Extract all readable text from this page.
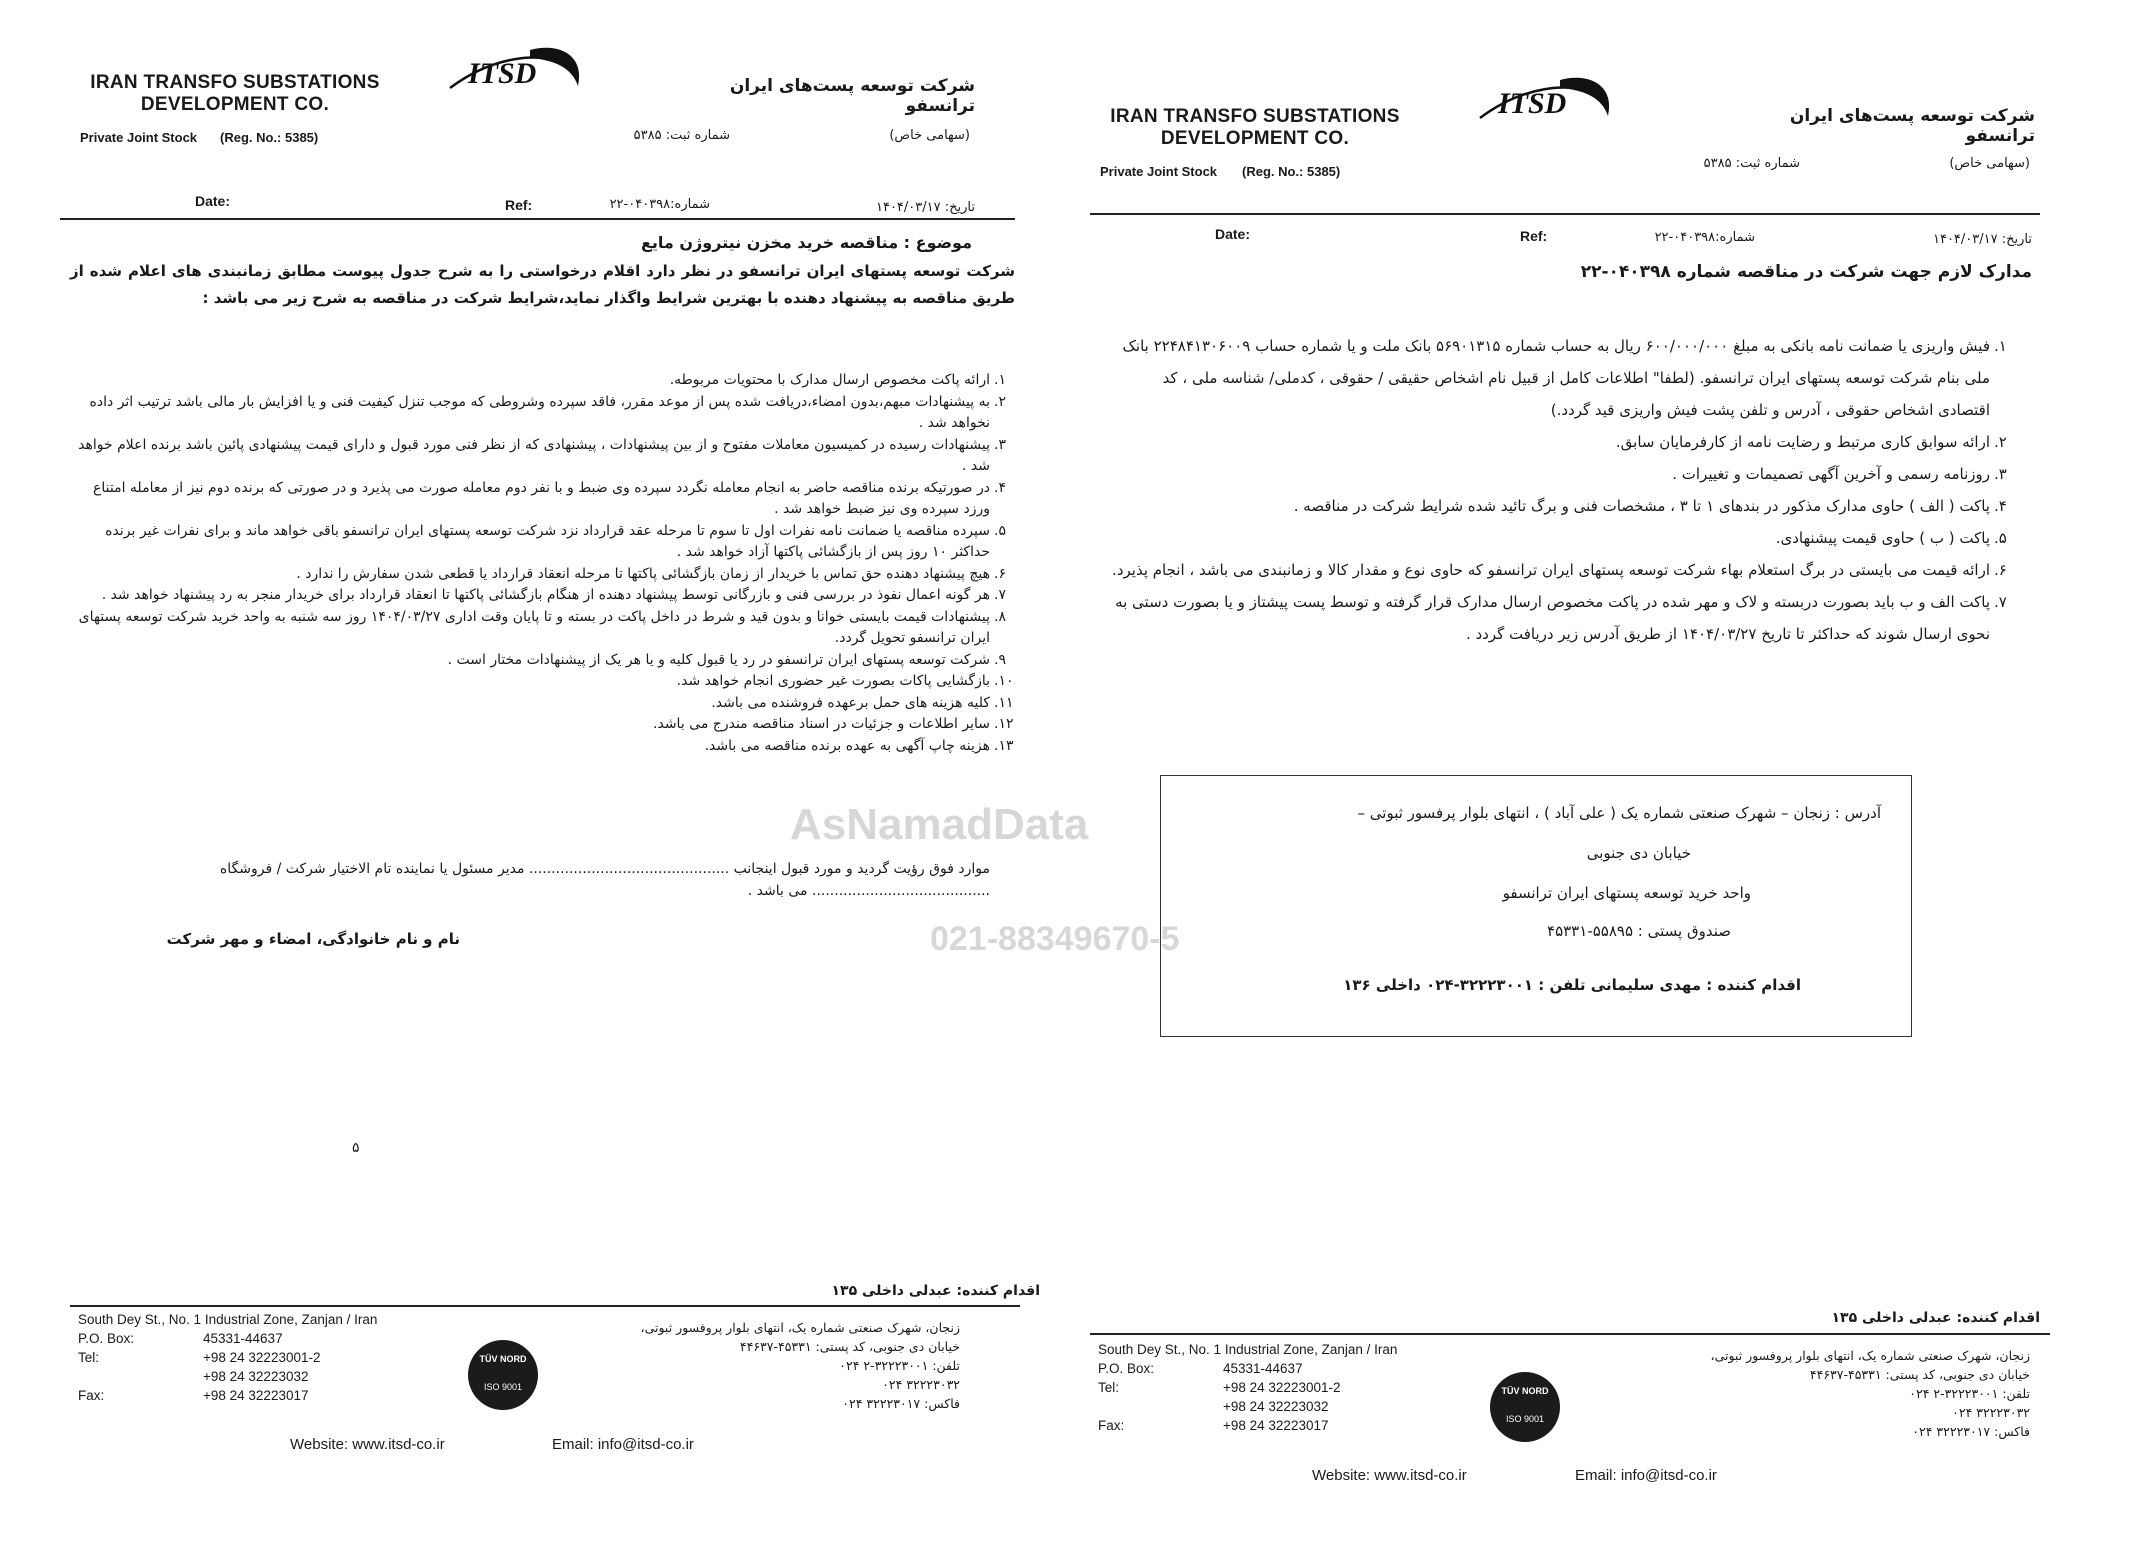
IRAN TRANSFO SUBSTATIONS
DEVELOPMENT CO.
Private Joint Stock (Reg. No.: 5385)
ITSD	شرکت توسعه پست‌های ایران ترانسفو
شماره ثبت: ۵۳۸۵	(سهامی خاص)
Date:	Ref:	شماره:۰۴۰۳۹۸-۲۲	تاریخ: ۱۴۰۴/۰۳/۱۷
موضوع : مناقصه خرید مخزن نیتروژن مایع
شرکت توسعه پستهای ایران ترانسفو در نظر دارد اقلام درخواستی را به شرح جدول پیوست مطابق زمانبندی های اعلام شده از طریق مناقصه به پیشنهاد دهنده با بهترین شرایط واگذار نماید،شرایط شرکت در مناقصه به شرح زیر می باشد :
۱.
ارائه پاکت مخصوص ارسال مدارک با محتویات مربوطه.
۲.
به پیشنهادات مبهم،بدون امضاء،دریافت شده پس از موعد مقرر، فاقد سپرده وشروطی که موجب تنزل کیفیت فنی و یا افزایش بار مالی باشد ترتیب اثر داده نخواهد شد .
۳.
پیشنهادات رسیده در کمیسیون معاملات مفتوح و از بین پیشنهادات ، پیشنهادی که از نظر فنی مورد قبول و دارای قیمت پیشنهادی پائین باشد برنده اعلام خواهد شد .
۴.
در صورتیکه برنده مناقصه حاضر به انجام معامله نگردد سپرده وی ضبط و با نفر دوم معامله صورت می پذیرد و در صورتی که برنده دوم نیز از معامله امتناع ورزد سپرده وی نیز ضبط خواهد شد .
۵.
سپرده مناقصه یا ضمانت نامه نفرات اول تا سوم تا مرحله عقد قرارداد نزد شرکت توسعه پستهای ایران ترانسفو باقی خواهد ماند و برای نفرات غیر برنده حداکثر ۱۰ روز پس از بازگشائی پاکتها آزاد خواهد شد .
۶.
هیچ پیشنهاد دهنده حق تماس با خریدار از زمان بازگشائی پاکتها تا مرحله انعقاد قرارداد یا قطعی شدن سفارش را ندارد .
۷.
هر گونه اعمال نفوذ در بررسی فنی و بازرگانی توسط پیشنهاد دهنده از هنگام بازگشائی پاکتها تا انعقاد قرارداد برای خریدار منجر به رد پیشنهاد خواهد شد .
۸.
پیشنهادات قیمت بایستی خوانا و بدون قید و شرط در داخل پاکت در بسته و تا پایان وقت اداری ۱۴۰۴/۰۳/۲۷ روز سه شنبه به واحد خرید شرکت توسعه پستهای ایران ترانسفو تحویل گردد.
۹.
شرکت توسعه پستهای ایران ترانسفو در رد یا قبول کلیه و یا هر یک از پیشنهادات مختار است .
۱۰.
بازگشایی پاکات بصورت غیر حضوری انجام خواهد شد.
۱۱.
کلیه هزینه های حمل برعهده فروشنده می باشد.
۱۲.
سایر اطلاعات و جزئیات در اسناد مناقصه مندرج می باشد.
۱۳.
هزینه چاپ آگهی به عهده برنده مناقصه می باشد.
موارد فوق رؤیت گردید و مورد قبول اینجانب ............................................. مدیر مسئول یا نماینده تام الاختیار شرکت / فروشگاه ........................................ می باشد .
نام و نام خانوادگی، امضاء و مهر شرکت
۵
اقدام کننده: عبدلی داخلی ۱۳۵
South Dey St., No. 1 Industrial Zone, Zanjan / Iran
P.O. Box:	45331-44637
Tel:	+98 24 32223001-2
+98 24 32223032
Fax:	+98 24 32223017
TÜV NORD
ISO 9001
زنجان، شهرک صنعتی شماره یک، انتهای بلوار پروفسور ثبوتی،
خیابان دی جنوبی، کد پستی: ۴۵۳۳۱-۴۴۶۳۷
تلفن: ۳۲۲۲۳۰۰۱-۲ ۰۲۴
۳۲۲۲۳۰۳۲ ۰۲۴
فاکس: ۳۲۲۲۳۰۱۷ ۰۲۴
Website: www.itsd-co.ir	Email: info@itsd-co.ir
IRAN TRANSFO SUBSTATIONS
DEVELOPMENT CO.
Private Joint Stock (Reg. No.: 5385)
ITSD	شرکت توسعه پست‌های ایران ترانسفو
شماره ثبت: ۵۳۸۵	(سهامی خاص)
Date:	Ref:	شماره:۰۴۰۳۹۸-۲۲	تاریخ: ۱۴۰۴/۰۳/۱۷
مدارک لازم جهت شرکت در مناقصه شماره ۰۴۰۳۹۸-۲۲
۱.
فیش واریزی یا ضمانت نامه بانکی به مبلغ ۶۰۰/۰۰۰/۰۰۰ ریال به حساب شماره ۵۶۹۰۱۳۱۵ بانک ملت و یا شماره حساب ۲۲۴۸۴۱۳۰۶۰۰۹ بانک ملی بنام شرکت توسعه پستهای ایران ترانسفو. (لطفا" اطلاعات کامل از قبیل نام اشخاص حقیقی / حقوقی ، کدملی/ شناسه ملی ، کد اقتصادی اشخاص حقوقی ، آدرس و تلفن پشت فیش واریزی قید گردد.)
۲.
ارائه سوابق کاری مرتبط و رضایت نامه از کارفرمایان سابق.
۳.
روزنامه رسمی و آخرین آگهی تصمیمات و تغییرات .
۴.
پاکت ( الف ) حاوی مدارک مذکور در بندهای ۱ تا ۳ ، مشخصات فنی و برگ تائید شده شرایط شرکت در مناقصه .
۵.
پاکت ( ب ) حاوی قیمت پیشنهادی.
۶.
ارائه قیمت می بایستی در برگ استعلام بهاء شرکت توسعه پستهای ایران ترانسفو که حاوی نوع و مقدار کالا و زمانبندی می باشد ، انجام پذیرد.
۷.
پاکت الف و ب باید بصورت دربسته و لاک و مهر شده در پاکت مخصوص ارسال مدارک قرار گرفته و توسط پست پیشتاز و یا بصورت دستی به نحوی ارسال شوند که حداکثر تا تاریخ ۱۴۰۴/۰۳/۲۷ از طریق آدرس زیر دریافت گردد .
آدرس : زنجان – شهرک صنعتی شماره یک ( علی آباد ) ، انتهای بلوار پرفسور ثبوتی –
خیابان دی جنوبی
واحد خرید توسعه پستهای ایران ترانسفو
صندوق پستی : ۵۵۸۹۵-۴۵۳۳۱
اقدام کننده : مهدی سلیمانی تلفن : ۳۲۲۲۳۰۰۱-۰۲۴ داخلی ۱۳۶
اقدام کننده: عبدلی داخلی ۱۳۵
South Dey St., No. 1 Industrial Zone, Zanjan / Iran
P.O. Box:	45331-44637
Tel:	+98 24 32223001-2
+98 24 32223032
Fax:	+98 24 32223017
TÜV NORD
ISO 9001
زنجان، شهرک صنعتی شماره یک، انتهای بلوار پروفسور ثبوتی،
خیابان دی جنوبی، کد پستی: ۴۵۳۳۱-۴۴۶۳۷
تلفن: ۳۲۲۲۳۰۰۱-۲ ۰۲۴
۳۲۲۲۳۰۳۲ ۰۲۴
فاکس: ۳۲۲۲۳۰۱۷ ۰۲۴
Website: www.itsd-co.ir	Email: info@itsd-co.ir
AsNamadData
021-88349670-5
